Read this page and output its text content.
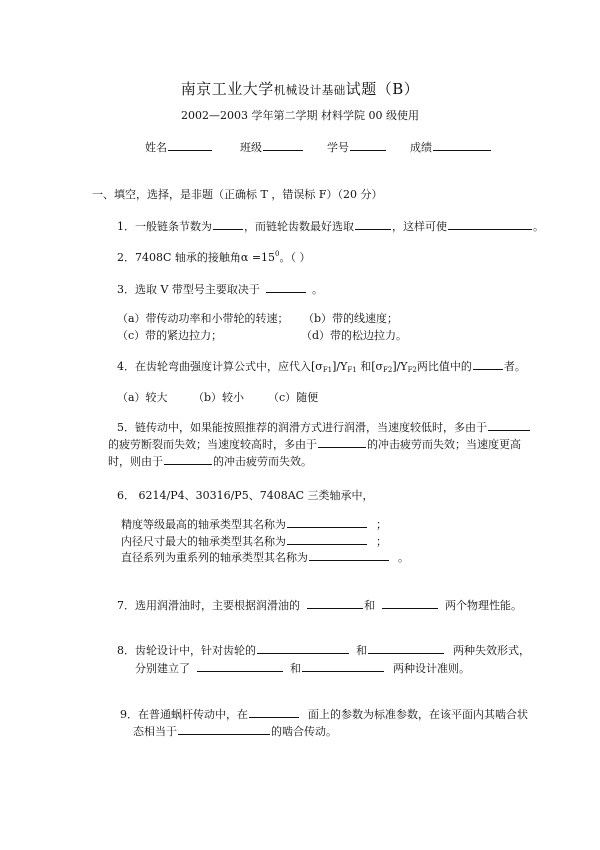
南京工业大学机械设计基础试题（B）
2002—2003 学年第二学期 材料学院 00 级使用
姓名	班级	学号	成绩
一、填空，选择，是非题（正确标 T ，错误标 F）（20 分）
1．一般链条节数为	，而链轮齿数最好选取	，这样可使	。
2．7408C 轴承的接触角$\alpha =15^0$。（ ）
3．选取 V 带型号主要取决于	。
（a）带传动功率和小带轮的转速； （b）带的线速度；
（c）带的紧边拉力；	（d）带的松边拉力。
4．在齿轮弯曲强度计算公式中，应代入$[\sigma_{F1}]/Y_{F1}$ 和$[\sigma_{F2}]/Y_{F2}$两比值中的	者。
（a）较大 （b）较小 （c）随便
5．链传动中，如果能按照推荐的润滑方式进行润滑，当速度较低时，多由于
的疲劳断裂而失效；当速度较高时，多由于	的冲击疲劳而失效；当速度更高
时，则由于	的冲击疲劳而失效。
6． 6214/P4、30316/P5、7408AC 三类轴承中，
精度等级最高的轴承类型其名称为	；
内径尺寸最大的轴承类型其名称为	；
直径系列为重系列的轴承类型其名称为	。
7．选用润滑油时，主要根据润滑油的	和	两个物理性能。
8．齿轮设计中，针对齿轮的	和	两种失效形式，
分别建立了	和	两种设计准则。
9．在普通蜗杆传动中，在	面上的参数为标准参数，在该平面内其啮合状
态相当于	的啮合传动。
